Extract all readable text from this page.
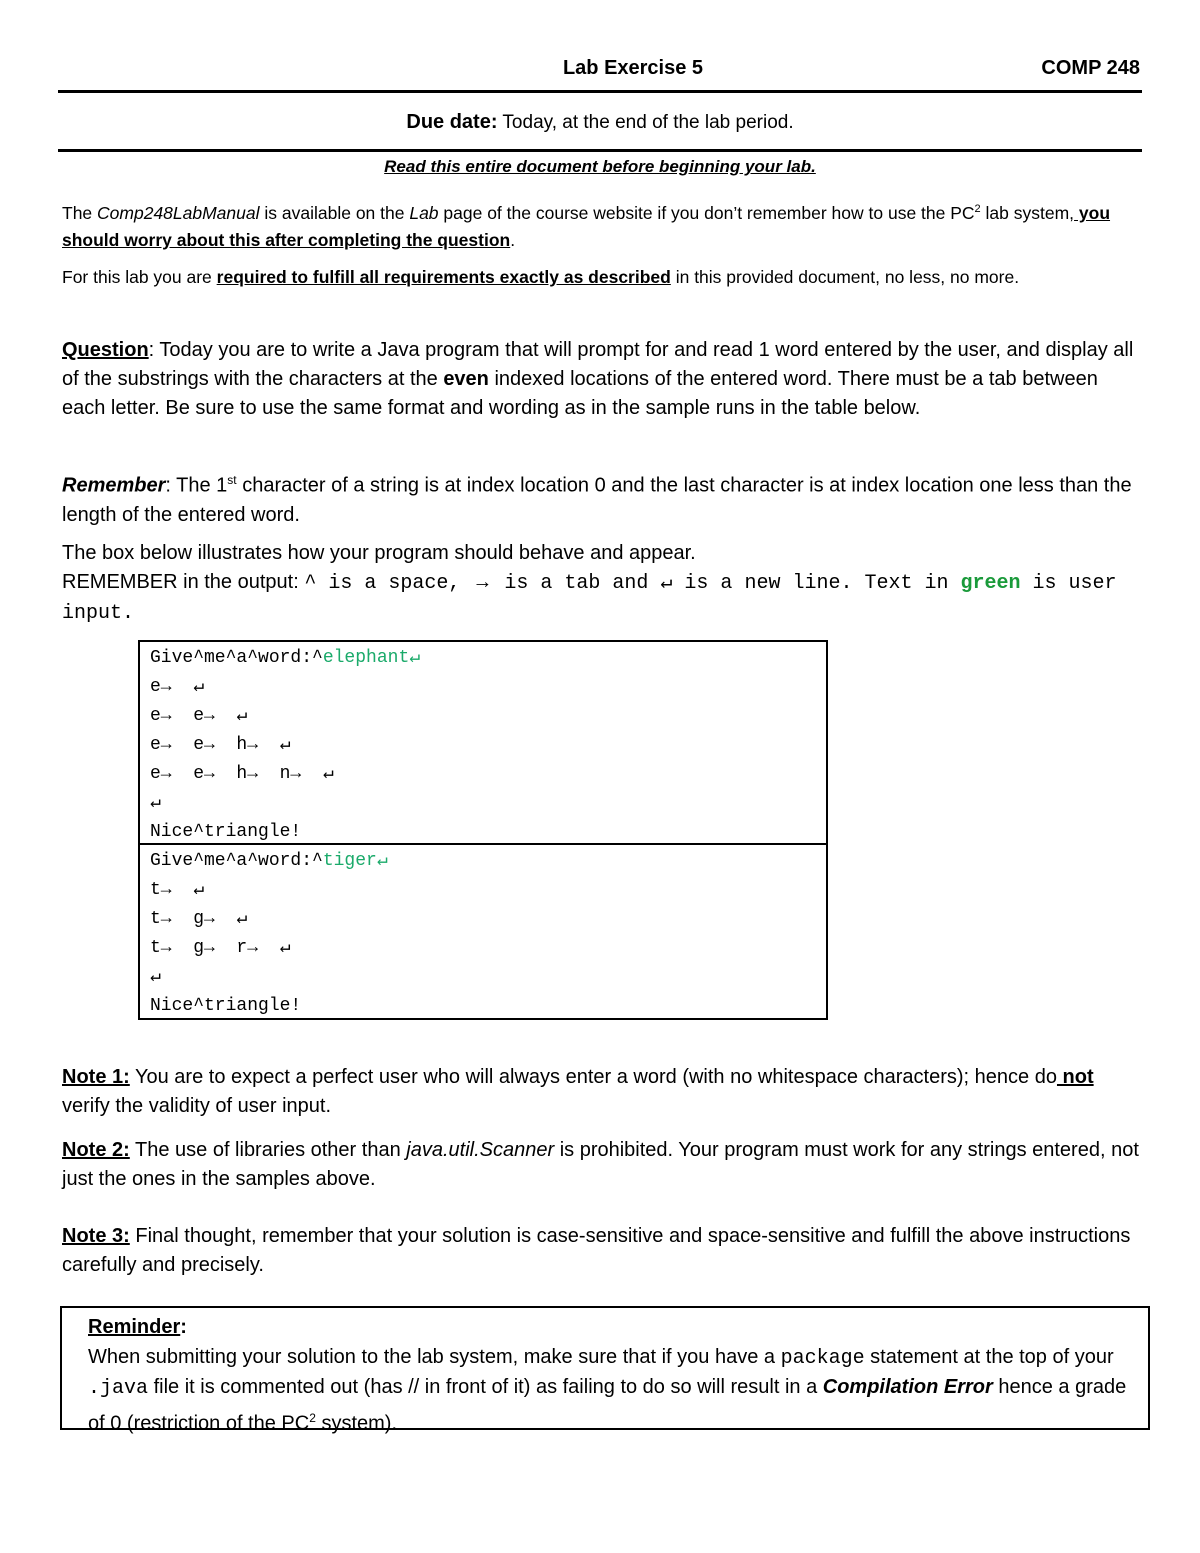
Lab Exercise 5	COMP 248
Due date: Today, at the end of the lab period.
Read this entire document before beginning your lab.
The Comp248LabManual is available on the Lab page of the course website if you don’t remember how to use the $PC^2$ lab system, you should worry about this after completing the question.
For this lab you are required to fulfill all requirements exactly as described in this provided document, no less, no more.
Question: Today you are to write a Java program that will prompt for and read 1 word entered by the user, and display all of the substrings with the characters at the even indexed locations of the entered word. There must be a tab between each letter. Be sure to use the same format and wording as in the sample runs in the table below.
Remember: The 1st character of a string is at index location 0 and the last character is at index location one less than the length of the entered word.
The box below illustrates how your program should behave and appear.
REMEMBER in the output: ^ is a space, → is a tab and ↵ is a new line. Text in green is user input.
Give^me^a^word:^elephant↵
e→  ↵
e→  e→  ↵
e→  e→  h→  ↵
e→  e→  h→  n→  ↵
↵
Nice^triangle!
Give^me^a^word:^tiger↵
t→  ↵
t→  g→  ↵
t→  g→  r→  ↵
↵
Nice^triangle!
Note 1: You are to expect a perfect user who will always enter a word (with no whitespace characters); hence do not verify the validity of user input.
Note 2: The use of libraries other than java.util.Scanner is prohibited. Your program must work for any strings entered, not just the ones in the samples above.
Note 3: Final thought, remember that your solution is case-sensitive and space-sensitive and fulfill the above instructions carefully and precisely.
Reminder:
When submitting your solution to the lab system, make sure that if you have a package statement at the top of your .java file it is commented out (has // in front of it) as failing to do so will result in a Compilation Error hence a grade of 0 (restriction of the $PC^2$ system).
